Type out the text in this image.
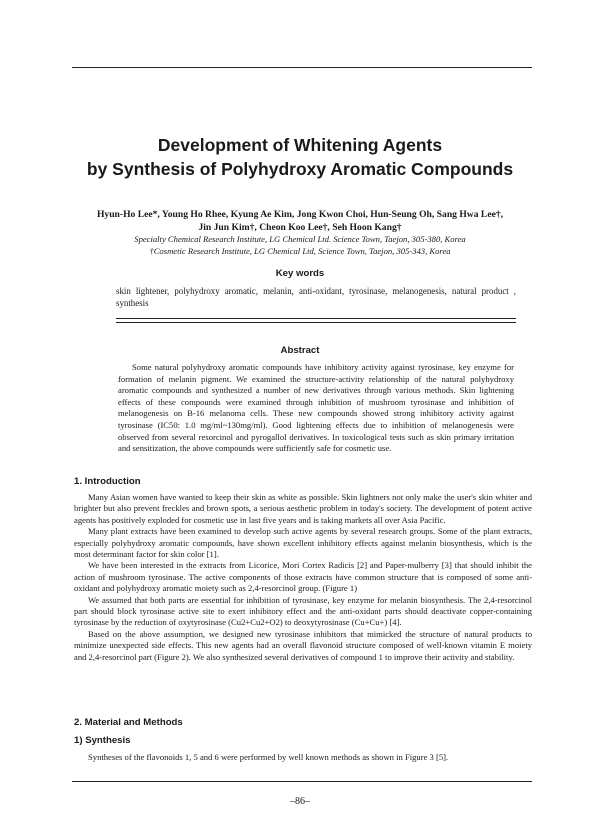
Development of Whitening Agents
by Synthesis of Polyhydroxy Aromatic Compounds

Hyun-Ho Lee*, Young Ho Rhee, Kyung Ae Kim, Jong Kwon Choi, Hun-Seung Oh, Sang Hwa Lee†,

Jin Jun Kim†, Cheon Koo Lee†, Seh Hoon Kang†

Specialty Chemical Research Institute, LG Chemical Ltd. Science Town, Taejon, 305-380, Korea

†Cosmetic Research Institute, LG Chemical Ltd, Science Town, Taejon, 305-343, Korea

Key words

skin lightener, polyhydroxy aromatic, melanin, anti-oxidant, tyrosinase, melanogenesis, natural product , synthesis

Abstract

Some natural polyhydroxy aromatic compounds have inhibitory activity against tyrosinase, key enzyme for formation of melanin pigment. We examined the structure-activity relationship of the natural polyhydroxy aromatic compounds and synthesized a number of new derivatives through various methods. Skin lightening effects of these compounds were examined through inhibition of mushroom tyrosinase and inhibition of melanogenesis on B-16 melanoma cells. These new compounds showed strong inhibitory activity against tyrosinase (IC50: 1.0 mg/ml~130mg/ml). Good lightening effects due to inhibition of melanogenesis were observed from several resorcinol and pyrogallol derivatives. In toxicological tests such as skin primary irritation and sensitization, the above compounds were sufficiently safe for cosmetic use.

1. Introduction

Many Asian women have wanted to keep their skin as white as possible. Skin lightners not only make the user's skin whiter and brighter but also prevent freckles and brown spots, a serious aesthetic problem in today's society. The development of potent active agents has positively exploded for cosmetic use in last five years and is taking markets all over Asia Pacific.

Many plant extracts have been examined to develop such active agents by several research groups. Some of the plant extracts, especially polyhydroxy aromatic compounds, have shown excellent inhibitory effects against melanin biosynthesis, which is the most determinant factor for skin color [1].

We have been interested in the extracts from Licorice, Mori Cortex Radicis [2] and Paper-mulberry [3] that should inhibit the action of mushroom tyrosinase. The active components of those extracts have common structure that is composed of some anti-oxidant and polyhydroxy aromatic moiety such as 2,4-resorcinol group. (Figure 1)

We assumed that both parts are essential for inhibition of tyrosinase, key enzyme for melanin biosynthesis. The 2,4-resorcinol part should block tyrosinase active site to exert inhibitory effect and the anti-oxidant parts should deactivate copper-containing tyrosinase by the reduction of oxytyrosinase (Cu2+Cu2+O2) to deoxytyrosinase (Cu+Cu+) [4].

Based on the above assumption, we designed new tyrosinase inhibitors that mimicked the structure of natural products to minimize unexpected side effects. This new agents had an overall flavonoid structure composed of well-known vitamin E moiety and 2,4-resorcinol part (Figure 2). We also synthesized several derivatives of compound 1 to improve their activity and stability.

2. Material and Methods
1) Synthesis

Syntheses of the flavonoids 1, 5 and 6 were performed by well known methods as shown in Figure 3 [5].

–86–
